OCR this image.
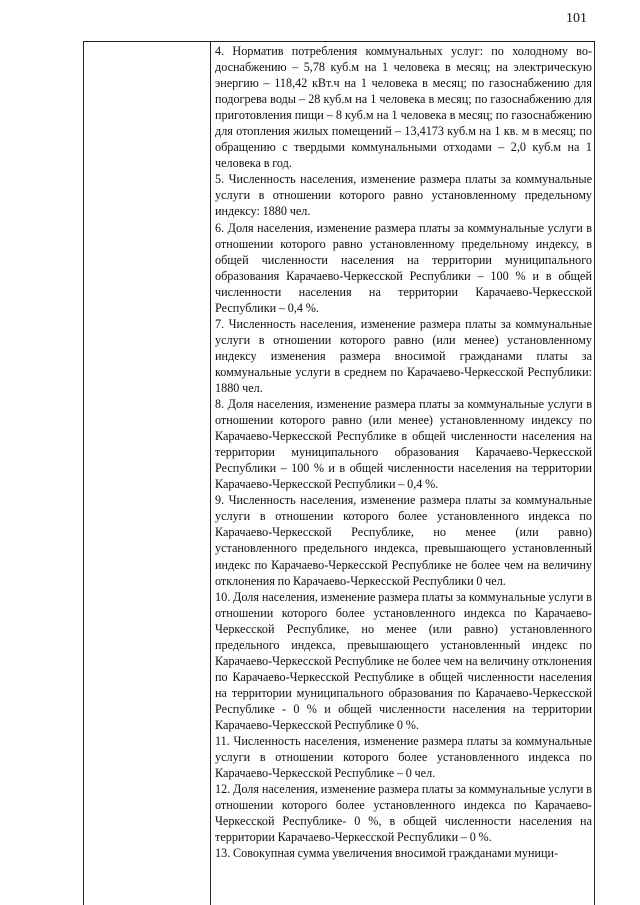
101

4. Норматив потребления коммунальных услуг: по холодному водоснабжению – 5,78 куб.м на 1 человека в месяц; на электрическую энергию – 118,42 кВт.ч на 1 человека в месяц; по газоснабжению для подогрева воды – 28 куб.м на 1 человека в месяц; по газоснабжению для приготовления пищи – 8 куб.м на 1 человека в месяц; по газоснабжению для отопления жилых помещений – 13,4173 куб.м на 1 кв. м в месяц; по обращению с твердыми коммунальными отходами – 2,0 куб.м на 1 человека в год.

5. Численность населения, изменение размера платы за коммунальные услуги в отношении которого равно установленному предельному индексу: 1880 чел.

6. Доля населения, изменение размера платы за коммунальные услуги в отношении которого равно установленному предельному индексу, в общей численности населения на территории муниципального образования Карачаево-Черкесской Республики – 100 % и в общей численности населения на территории Карачаево-Черкесской Республики – 0,4 %.

7. Численность населения, изменение размера платы за коммунальные услуги в отношении которого равно (или менее) установленному индексу изменения размера вносимой гражданами платы за коммунальные услуги в среднем по Карачаево-Черкесской Республики: 1880 чел.

8. Доля населения, изменение размера платы за коммунальные услуги в отношении которого равно (или менее) установленному индексу по Карачаево-Черкесской Республике в общей численности населения на территории муниципального образования Карачаево-Черкесской Республики – 100 % и в общей численности населения на территории Карачаево-Черкесской Республики – 0,4 %.

9. Численность населения, изменение размера платы за коммунальные услуги в отношении которого более установленного индекса по Карачаево-Черкесской Республике, но менее (или равно) установленного предельного индекса, превышающего установленный индекс по Карачаево-Черкесской Республике не более чем на величину отклонения по Карачаево-Черкесской Республики 0 чел.

10. Доля населения, изменение размера платы за коммунальные услуги в отношении которого более установленного индекса по Карачаево-Черкесской Республике, но менее (или равно) установленного предельного индекса, превышающего установленный индекс по Карачаево-Черкесской Республике не более чем на величину отклонения по Карачаево-Черкесской Республике в общей численности населения на территории муниципального образования по Карачаево-Черкесской Республике - 0 % и общей численности населения на территории Карачаево-Черкесской Республике 0 %.

11. Численность населения, изменение размера платы за коммунальные услуги в отношении которого более установленного индекса по Карачаево-Черкесской Республике – 0 чел.

12. Доля населения, изменение размера платы за коммунальные услуги в отношении которого более установленного индекса по Карачаево-Черкесской Республике- 0 %, в общей численности населения на территории Карачаево-Черкесской Республики – 0 %.

13. Совокупная сумма увеличения вносимой гражданами муници-
